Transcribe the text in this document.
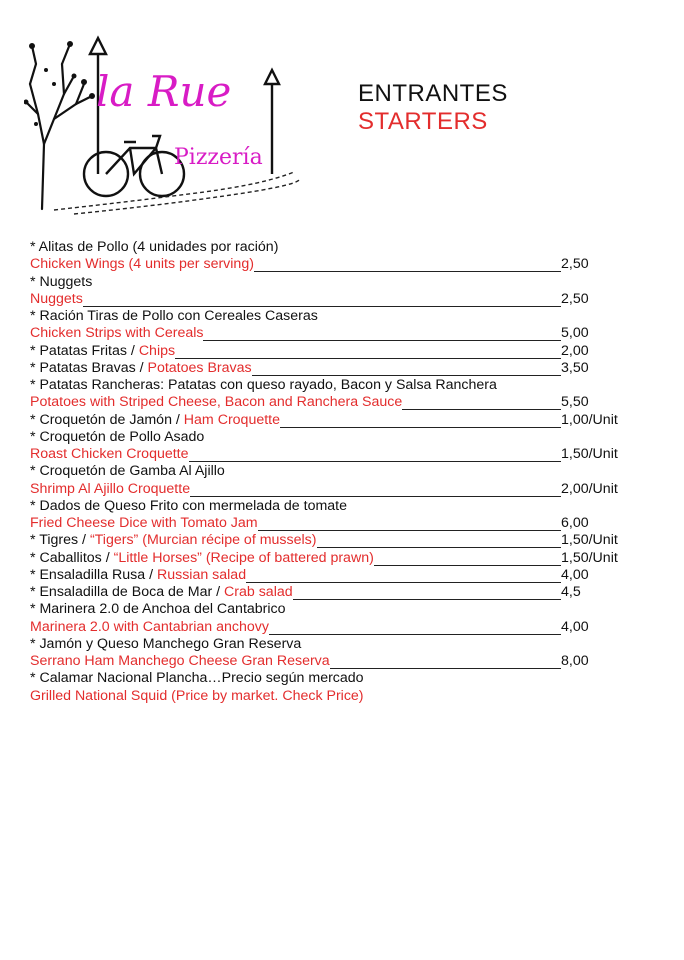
la Rue
Pizzería
ENTRANTES
STARTERS
* Alitas de Pollo (4 unidades por ración)
Chicken Wings (4 units per serving)	2,50
* Nuggets
Nuggets	2,50
* Ración Tiras de Pollo con Cereales Caseras
Chicken Strips with Cereals	5,00
* Patatas Fritas / Chips	2,00
* Patatas Bravas / Potatoes Bravas	3,50
* Patatas Rancheras: Patatas con queso rayado, Bacon y Salsa Ranchera
Potatoes with Striped Cheese, Bacon and Ranchera Sauce	5,50
* Croquetón de Jamón / Ham Croquette	1,00/Unit
* Croquetón de Pollo Asado
Roast Chicken Croquette	1,50/Unit
* Croquetón de Gamba Al Ajillo
Shrimp Al Ajillo Croquette	2,00/Unit
* Dados de Queso Frito con mermelada de tomate
Fried Cheese Dice with Tomato Jam	6,00
* Tigres / “Tigers” (Murcian récipe of mussels)	1,50/Unit
* Caballitos / “Little Horses” (Recipe of battered prawn)	1,50/Unit
* Ensaladilla Rusa / Russian salad	4,00
* Ensaladilla de Boca de Mar / Crab salad	4,5
* Marinera 2.0 de Anchoa del Cantabrico
Marinera 2.0 with Cantabrian anchovy	4,00
* Jamón y Queso Manchego Gran Reserva
Serrano Ham Manchego Cheese Gran Reserva	8,00
* Calamar Nacional Plancha…Precio según mercado
Grilled National Squid (Price by market. Check Price)
